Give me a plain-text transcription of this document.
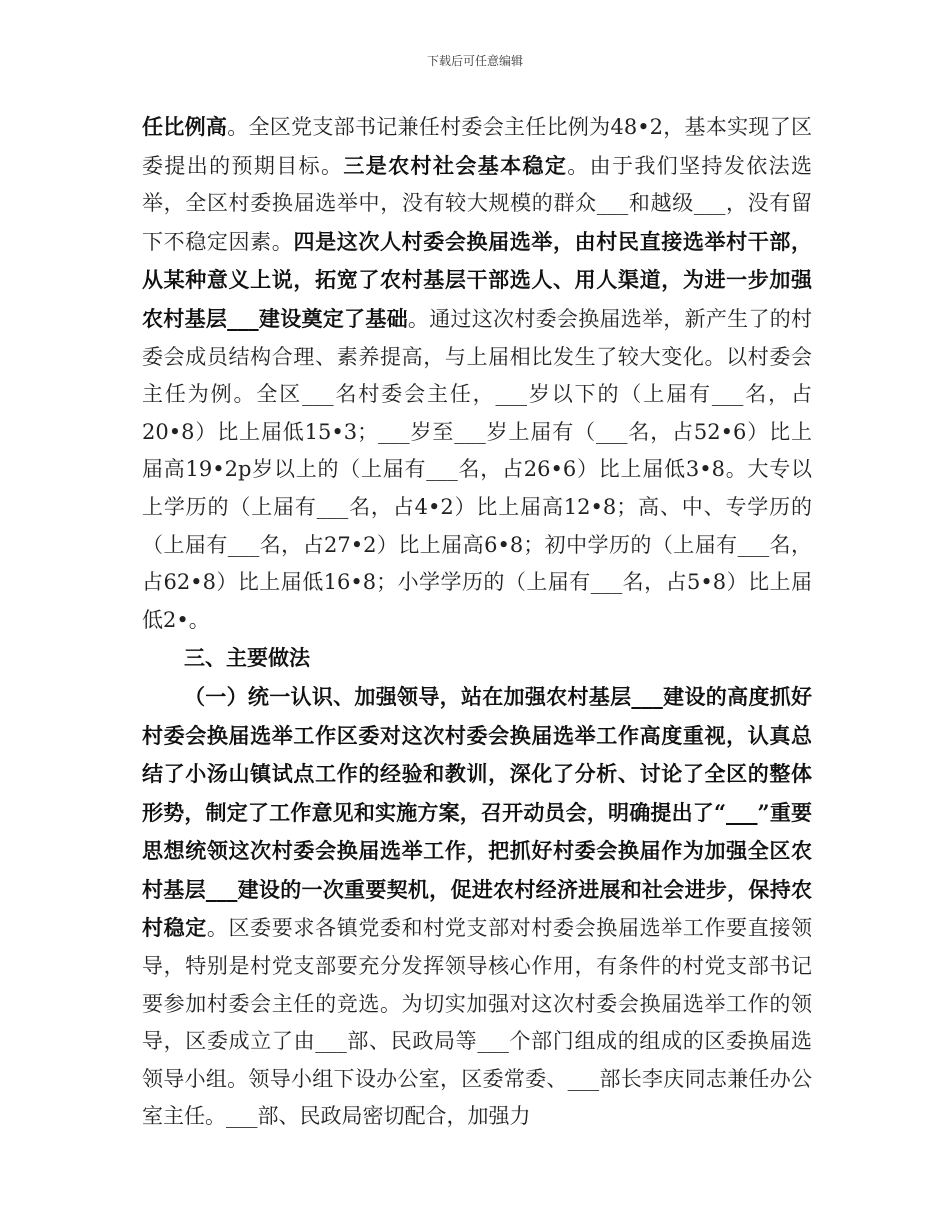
下载后可任意编辑

任比例高。全区党支部书记兼任村委会主任比例为48•2，基本实现了区委提出的预期目标。三是农村社会基本稳定。由于我们坚持发依法选举，全区村委换届选举中，没有较大规模的群众___和越级___，没有留下不稳定因素。四是这次人村委会换届选举，由村民直接选举村干部，从某种意义上说，拓宽了农村基层干部选人、用人渠道，为进一步加强农村基层___建设奠定了基础。通过这次村委会换届选举，新产生了的村委会成员结构合理、素养提高，与上届相比发生了较大变化。以村委会主任为例。全区___名村委会主任，___岁以下的（上届有___名，占20•8）比上届低15•3；___岁至___岁上届有（___名，占52•6）比上届高19•2p岁以上的（上届有___名，占26•6）比上届低3•8。大专以上学历的（上届有___名，占4•2）比上届高12•8；高、中、专学历的（上届有___名，占27•2）比上届高6•8；初中学历的（上届有___名，占62•8）比上届低16•8；小学学历的（上届有___名，占5•8）比上届低2•。

三、主要做法

（一）统一认识、加强领导，站在加强农村基层___建设的高度抓好村委会换届选举工作区委对这次村委会换届选举工作高度重视，认真总结了小汤山镇试点工作的经验和教训，深化了分析、讨论了全区的整体形势，制定了工作意见和实施方案，召开动员会，明确提出了“___”重要思想统领这次村委会换届选举工作，把抓好村委会换届作为加强全区农村基层___建设的一次重要契机，促进农村经济进展和社会进步，保持农村稳定。区委要求各镇党委和村党支部对村委会换届选举工作要直接领导，特别是村党支部要充分发挥领导核心作用，有条件的村党支部书记要参加村委会主任的竞选。为切实加强对这次村委会换届选举工作的领导，区委成立了由___部、民政局等___个部门组成的组成的区委换届选领导小组。领导小组下设办公室，区委常委、___部长李庆同志兼任办公室主任。___部、民政局密切配合，加强力
